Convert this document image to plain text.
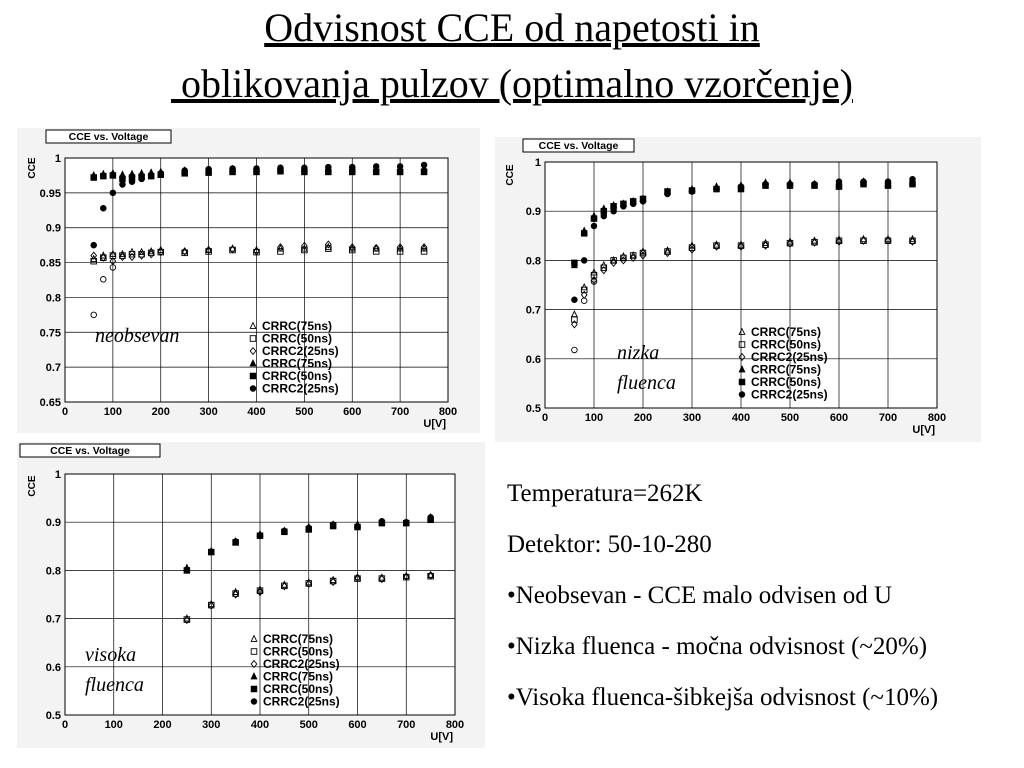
Odvisnost CCE od napetosti in
oblikovanja pulzov (optimalno vzorčenje)
0	100	200	300	400	500	600	700	800
0.65
0.7
0.75
0.8
0.85
0.9
0.95
1
U[V]
CCE
CCE vs. Voltage
neobsevan	CRRC(75ns)
CRRC(50ns)
CRRC2(25ns)
CRRC(75ns)
CRRC(50ns)
CRRC2(25ns)
0	100	200	300	400	500	600	700	800
0.5
0.6
0.7
0.8
0.9
1
U[V]
CCE
CCE vs. Voltage
nizka
fluenca
CRRC(75ns)
CRRC(50ns)
CRRC2(25ns)
CRRC(75ns)
CRRC(50ns)
CRRC2(25ns)
0	100	200	300	400	500	600	700	800
0.5
0.6
0.7
0.8
0.9
1
U[V]
CCE
CCE vs. Voltage
visoka
fluenca
CRRC(75ns)
CRRC(50ns)
CRRC2(25ns)
CRRC(75ns)
CRRC(50ns)
CRRC2(25ns)
Temperatura=262K
Detektor: 50-10-280
•Neobsevan - CCE malo odvisen od U
•Nizka fluenca - močna odvisnost (~20%)
•Visoka fluenca-šibkejša odvisnost (~10%)
